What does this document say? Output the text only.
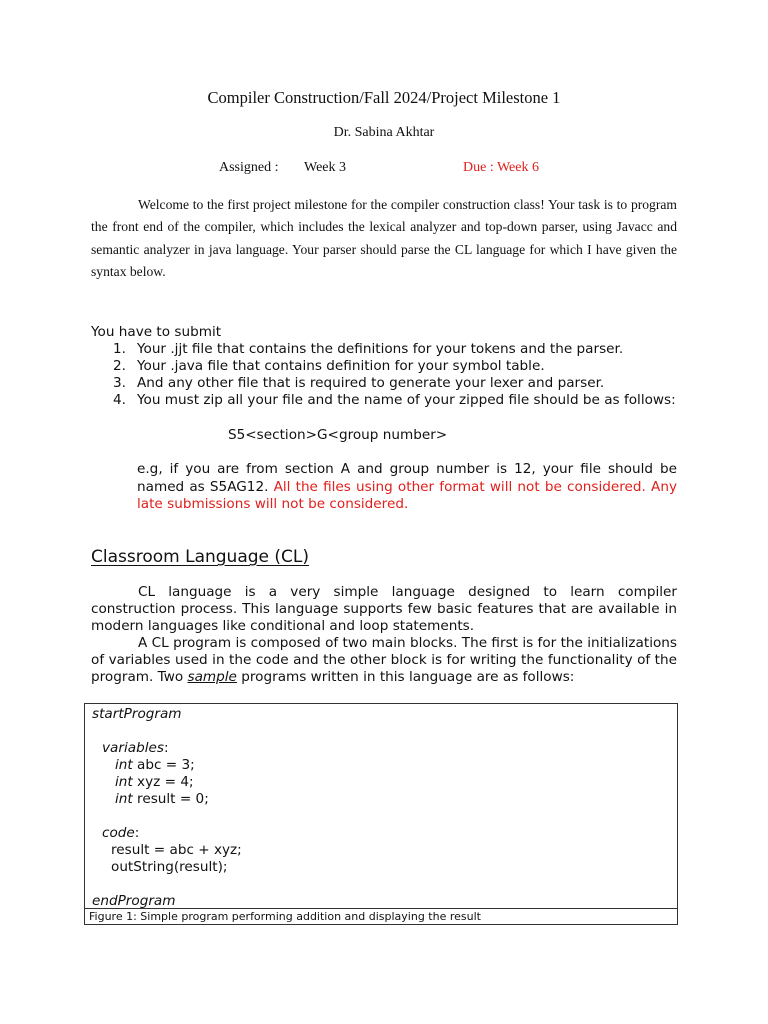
Compiler Construction/Fall 2024/Project Milestone 1
Dr. Sabina Akhtar
Assigned : Week 3	Due : Week 6
Welcome to the first project milestone for the compiler construction class! Your task is to program the front end of the compiler, which includes the lexical analyzer and top-down parser, using Javacc and semantic analyzer in java language. Your parser should parse the CL language for which I have given the syntax below.
You have to submit
1. Your .jjt file that contains the definitions for your tokens and the parser.
2. Your .java file that contains definition for your symbol table.
3. And any other file that is required to generate your lexer and parser.
4. You must zip all your file and the name of your zipped file should be as follows:
S5<section>G<group number>
e.g, if you are from section A and group number is 12, your file should be named as S5AG12. All the files using other format will not be considered. Any late submissions will not be considered.
Classroom Language (CL)

CL language is a very simple language designed to learn compiler construction process. This language supports few basic features that are available in modern languages like conditional and loop statements.

A CL program is composed of two main blocks. The first is for the initializations of variables used in the code and the other block is for writing the functionality of the program. Two sample programs written in this language are as follows:

startProgram
variables:
int abc = 3;
int xyz = 4;
int result = 0;
code:
result = abc + xyz;
outString(result);
endProgram
Figure 1: Simple program performing addition and displaying the result
